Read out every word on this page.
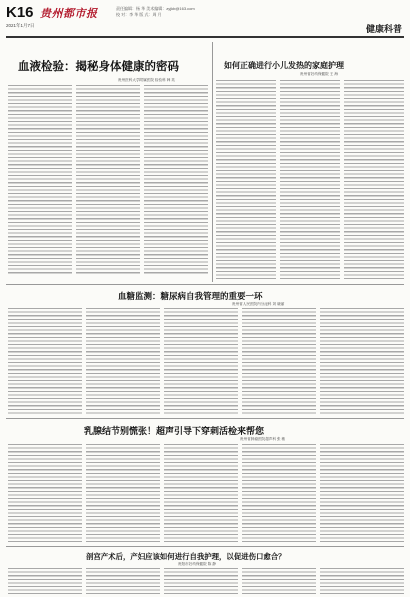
K16
2021年1月7日
贵州都市报	责任编辑：杨 华 美术编辑：zyjkb@163.com
校 对：李 华 版 式：周 月
健康科普
血液检验：揭秘身体健康的密码
贵州医科大学附属医院 检验科 韩 英
如何正确进行小儿发热的家庭护理
贵州省妇幼保健院 王 海
血糖监测：糖尿病自我管理的重要一环
贵州省人民医院内分泌科 刘 晓丽
乳腺结节别慌张！超声引导下穿刺活检来帮您
贵州省肿瘤医院超声科 张 敏
剖宫产术后，产妇应该如何进行自我护理，以促进伤口愈合？
贵阳市妇幼保健院 陈 静
